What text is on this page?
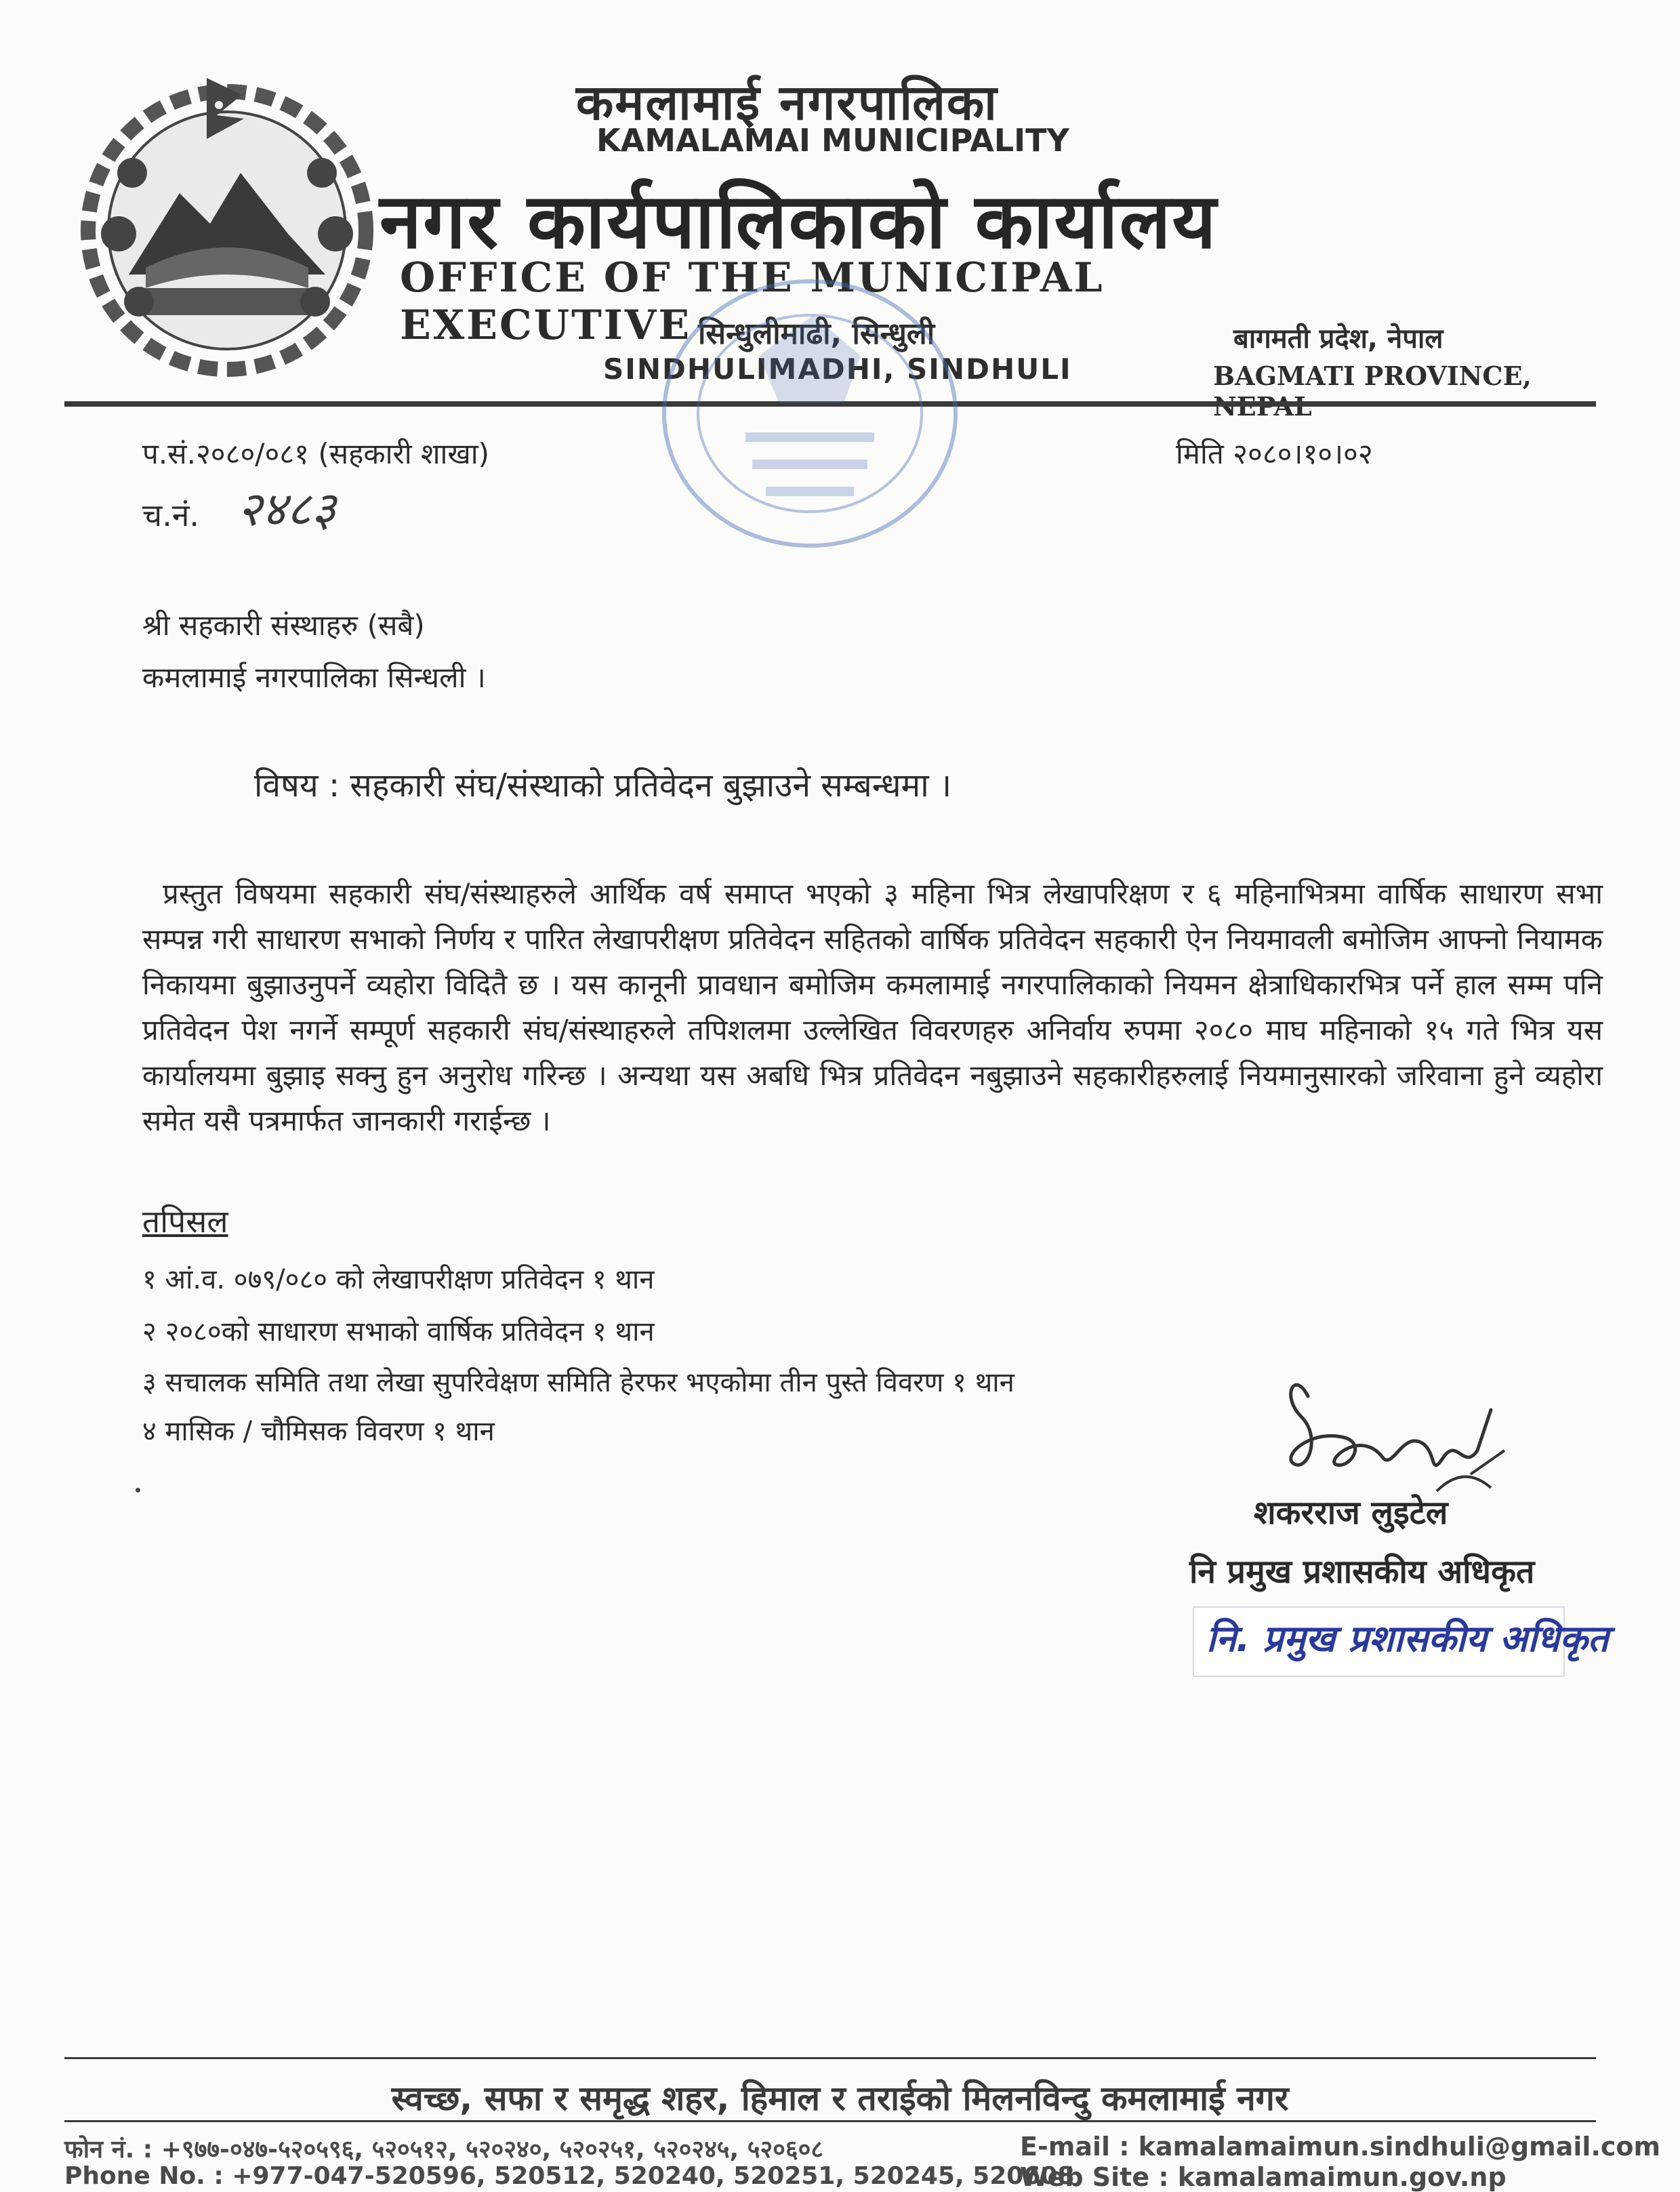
कमलामाई नगरपालिका
KAMALAMAI MUNICIPALITY
नगर कार्यपालिकाको कार्यालय
OFFICE OF THE MUNICIPAL EXECUTIVE सिन्धुलीमाढी, सिन्धुली
SINDHULIMADHI, SINDHULI
बागमती प्रदेश, नेपाल
BAGMATI PROVINCE,
प.सं.२०८०/०८१ (सहकारी शाखा)	मिति २०८०।१०।०२
च.नं. २४८३
श्री सहकारी संस्थाहरु (सबै)
कमलामाई नगरपालिका सिन्धली ।
विषय : सहकारी संघ/संस्थाको प्रतिवेदन बुझाउने सम्बन्धमा ।
प्रस्तुत विषयमा सहकारी संघ/संस्थाहरुले आर्थिक वर्ष समाप्त भएको ३ महिना भित्र लेखापरिक्षण र ६ महिनाभित्रमा वार्षिक साधारण सभा सम्पन्न गरी साधारण सभाको निर्णय र पारित लेखापरीक्षण प्रतिवेदन सहितको वार्षिक प्रतिवेदन सहकारी ऐन नियमावली बमोजिम आफ्नो नियामक निकायमा बुझाउनुपर्ने व्यहोरा विदितै छ । यस कानूनी प्रावधान बमोजिम कमलामाई नगरपालिकाको नियमन क्षेत्राधिकारभित्र पर्ने हाल सम्म पनि प्रतिवेदन पेश नगर्ने सम्पूर्ण सहकारी संघ/संस्थाहरुले तपिशलमा उल्लेखित विवरणहरु अनिर्वाय रुपमा २०८० माघ महिनाको १५ गते भित्र यस कार्यालयमा बुझाइ सक्नु हुन अनुरोध गरिन्छ । अन्यथा यस अबधि भित्र प्रतिवेदन नबुझाउने सहकारीहरुलाई नियमानुसारको जरिवाना हुने व्यहोरा समेत यसै पत्रमार्फत जानकारी गराईन्छ ।
तपिसल
१ आं.व. ०७९/०८० को लेखापरीक्षण प्रतिवेदन १ थान
२ २०८०को साधारण सभाको वार्षिक प्रतिवेदन १ थान
३ सचालक समिति तथा लेखा सुपरिवेक्षण समिति हेरफर भएकोमा तीन पुस्ते विवरण १ थान
४ मासिक / चौमिसक विवरण १ थान
शकरराज लुइटेल
नि प्रमुख प्रशासकीय अधिकृत
नि. प्रमुख प्रशासकीय अधिकृत
स्वच्छ, सफा र समृद्ध शहर, हिमाल र तराईको मिलनविन्दु कमलामाई नगर
फोन नं. : +९७७-०४७-५२०५९६, ५२०५१२, ५२०२४०, ५२०२५१, ५२०२४५, ५२०६०८
Phone No. : +977-047-520596, 520512, 520240, 520251, 520245, 520608
E-mail : kamalamaimun.sindhuli@gmail.com
Web Site : kamalamaimun.gov.np
